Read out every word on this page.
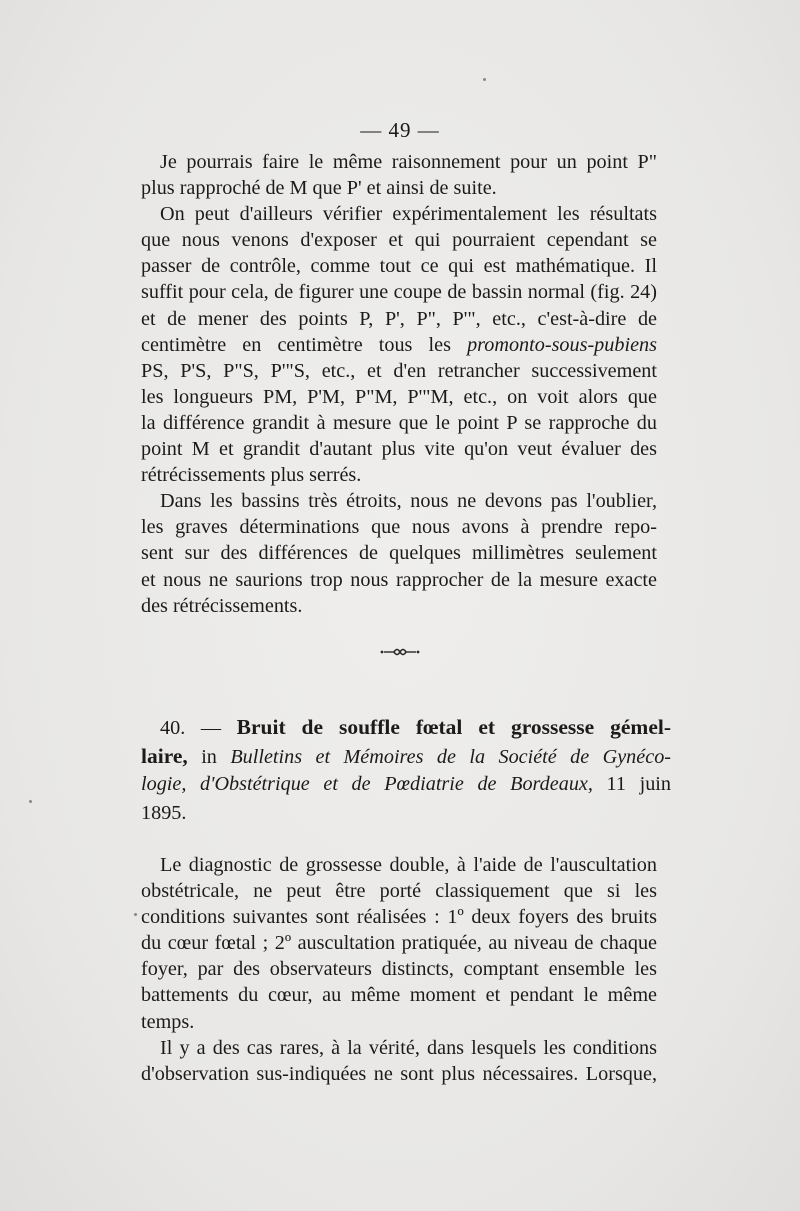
— 49 —
Je pourrais faire le même raisonnement pour un point P"
plus rapproché de M que P' et ainsi de suite.
On peut d'ailleurs vérifier expérimentalement les résultats
que nous venons d'exposer et qui pourraient cependant se
passer de contrôle, comme tout ce qui est mathématique. Il
suffit pour cela, de figurer une coupe de bassin normal (fig. 24)
et de mener des points P, P', P", P'", etc., c'est-à-dire de
centimètre en centimètre tous les promonto-sous-pubiens
PS, P'S, P"S, P'"S, etc., et d'en retrancher successivement
les longueurs PM, P'M, P"M, P'"M, etc., on voit alors que
la différence grandit à mesure que le point P se rapproche du
point M et grandit d'autant plus vite qu'on veut évaluer des
rétrécissements plus serrés.
Dans les bassins très étroits, nous ne devons pas l'oublier,
les graves déterminations que nous avons à prendre repo-
sent sur des différences de quelques millimètres seulement
et nous ne saurions trop nous rapprocher de la mesure exacte
des rétrécissements.
40. — Bruit de souffle fœtal et grossesse gémel-
laire, in Bulletins et Mémoires de la Société de Gynéco-
logie, d'Obstétrique et de Pœdiatrie de Bordeaux, 11 juin
1895.
Le diagnostic de grossesse double, à l'aide de l'auscultation
obstétricale, ne peut être porté classiquement que si les
conditions suivantes sont réalisées : 1º deux foyers des bruits
du cœur fœtal ; 2º auscultation pratiquée, au niveau de chaque
foyer, par des observateurs distincts, comptant ensemble les
battements du cœur, au même moment et pendant le même
temps.
Il y a des cas rares, à la vérité, dans lesquels les conditions
d'observation sus-indiquées ne sont plus nécessaires. Lorsque,
